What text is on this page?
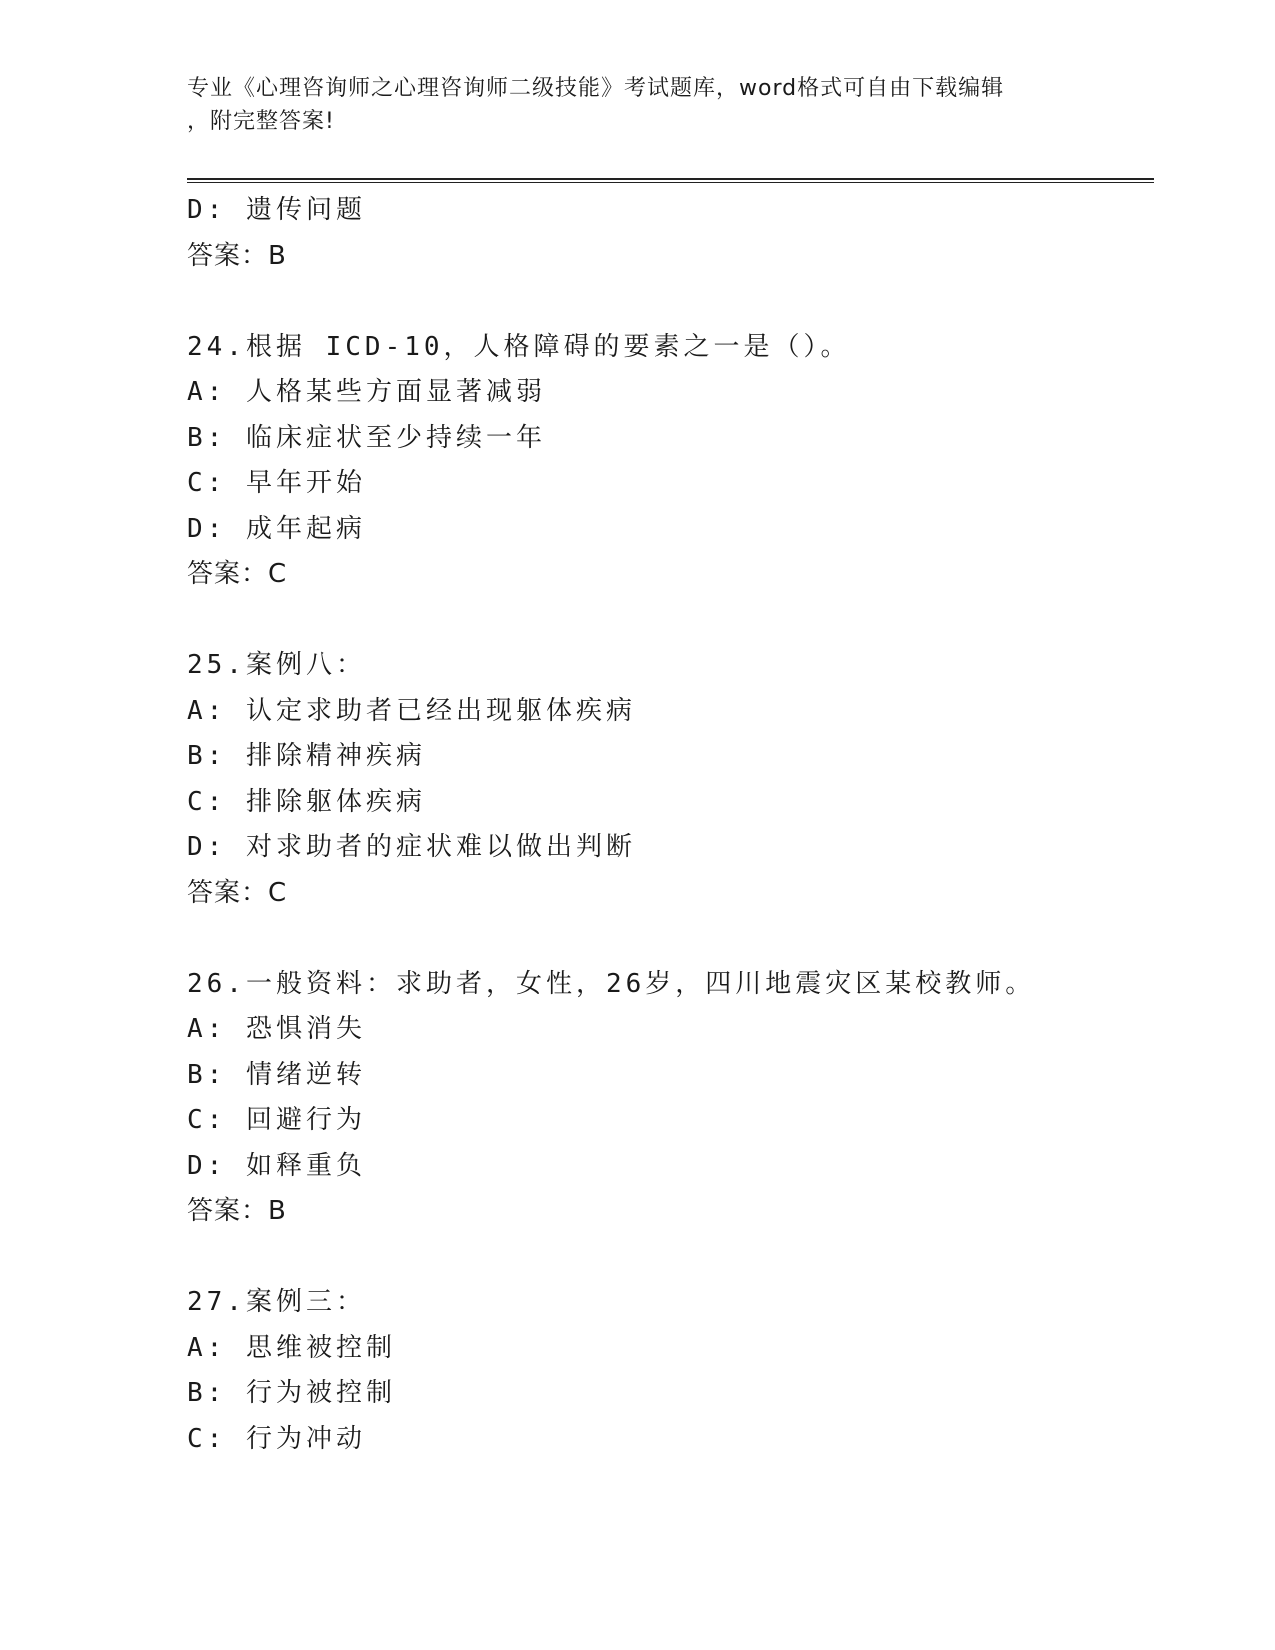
专业《心理咨询师之心理咨询师二级技能》考试题库，word格式可自由下载编辑
，附完整答案!
D: 遗传问题
答案：B
24.根据 ICD-10，人格障碍的要素之一是（）。
A: 人格某些方面显著减弱
B: 临床症状至少持续一年
C: 早年开始
D: 成年起病
答案：C
25.案例八：
A: 认定求助者已经出现躯体疾病
B: 排除精神疾病
C: 排除躯体疾病
D: 对求助者的症状难以做出判断
答案：C
26.一般资料：求助者，女性，26岁，四川地震灾区某校教师。
A: 恐惧消失
B: 情绪逆转
C: 回避行为
D: 如释重负
答案：B
27.案例三：
A: 思维被控制
B: 行为被控制
C: 行为冲动
